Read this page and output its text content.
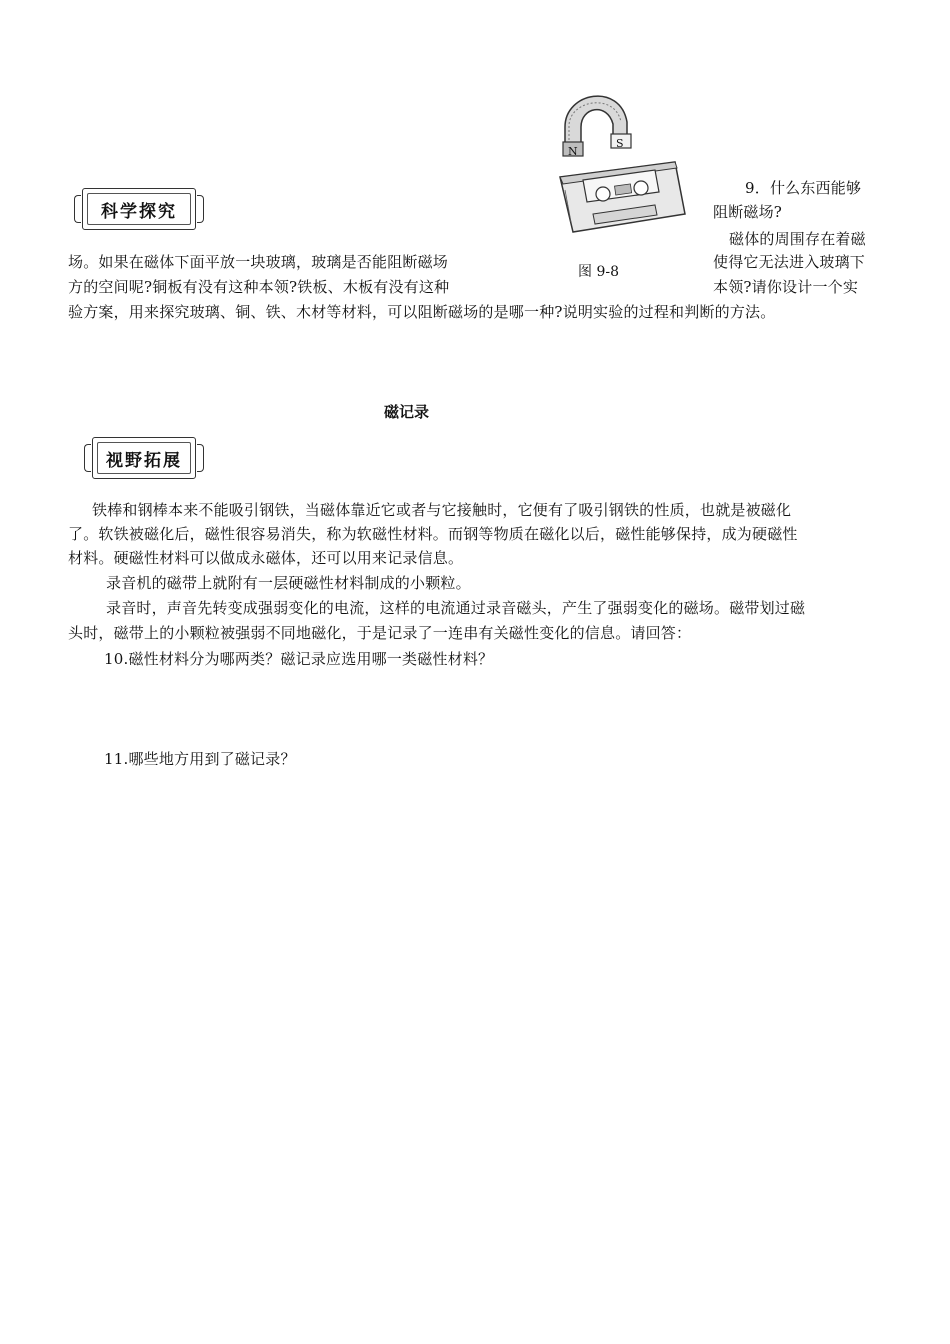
科学探究
N
S
图 9-8
9．什么东西能够
阻断磁场?
磁体的周围存在着磁
场。如果在磁体下面平放一块玻璃，玻璃是否能阻断磁场	使得它无法进入玻璃下
方的空间呢?铜板有没有这种本领?铁板、木板有没有这种	本领?请你设计一个实
验方案，用来探究玻璃、铜、铁、木材等材料，可以阻断磁场的是哪一种?说明实验的过程和判断的方法。
磁记录
视野拓展
铁棒和钢棒本来不能吸引钢铁，当磁体靠近它或者与它接触时，它便有了吸引钢铁的性质，也就是被磁化
了。软铁被磁化后，磁性很容易消失，称为软磁性材料。而钢等物质在磁化以后，磁性能够保持，成为硬磁性
材料。硬磁性材料可以做成永磁体，还可以用来记录信息。
录音机的磁带上就附有一层硬磁性材料制成的小颗粒。
录音时，声音先转变成强弱变化的电流，这样的电流通过录音磁头，产生了强弱变化的磁场。磁带划过磁
头时，磁带上的小颗粒被强弱不同地磁化，于是记录了一连串有关磁性变化的信息。请回答：
10.磁性材料分为哪两类？磁记录应选用哪一类磁性材料？
11.哪些地方用到了磁记录？
